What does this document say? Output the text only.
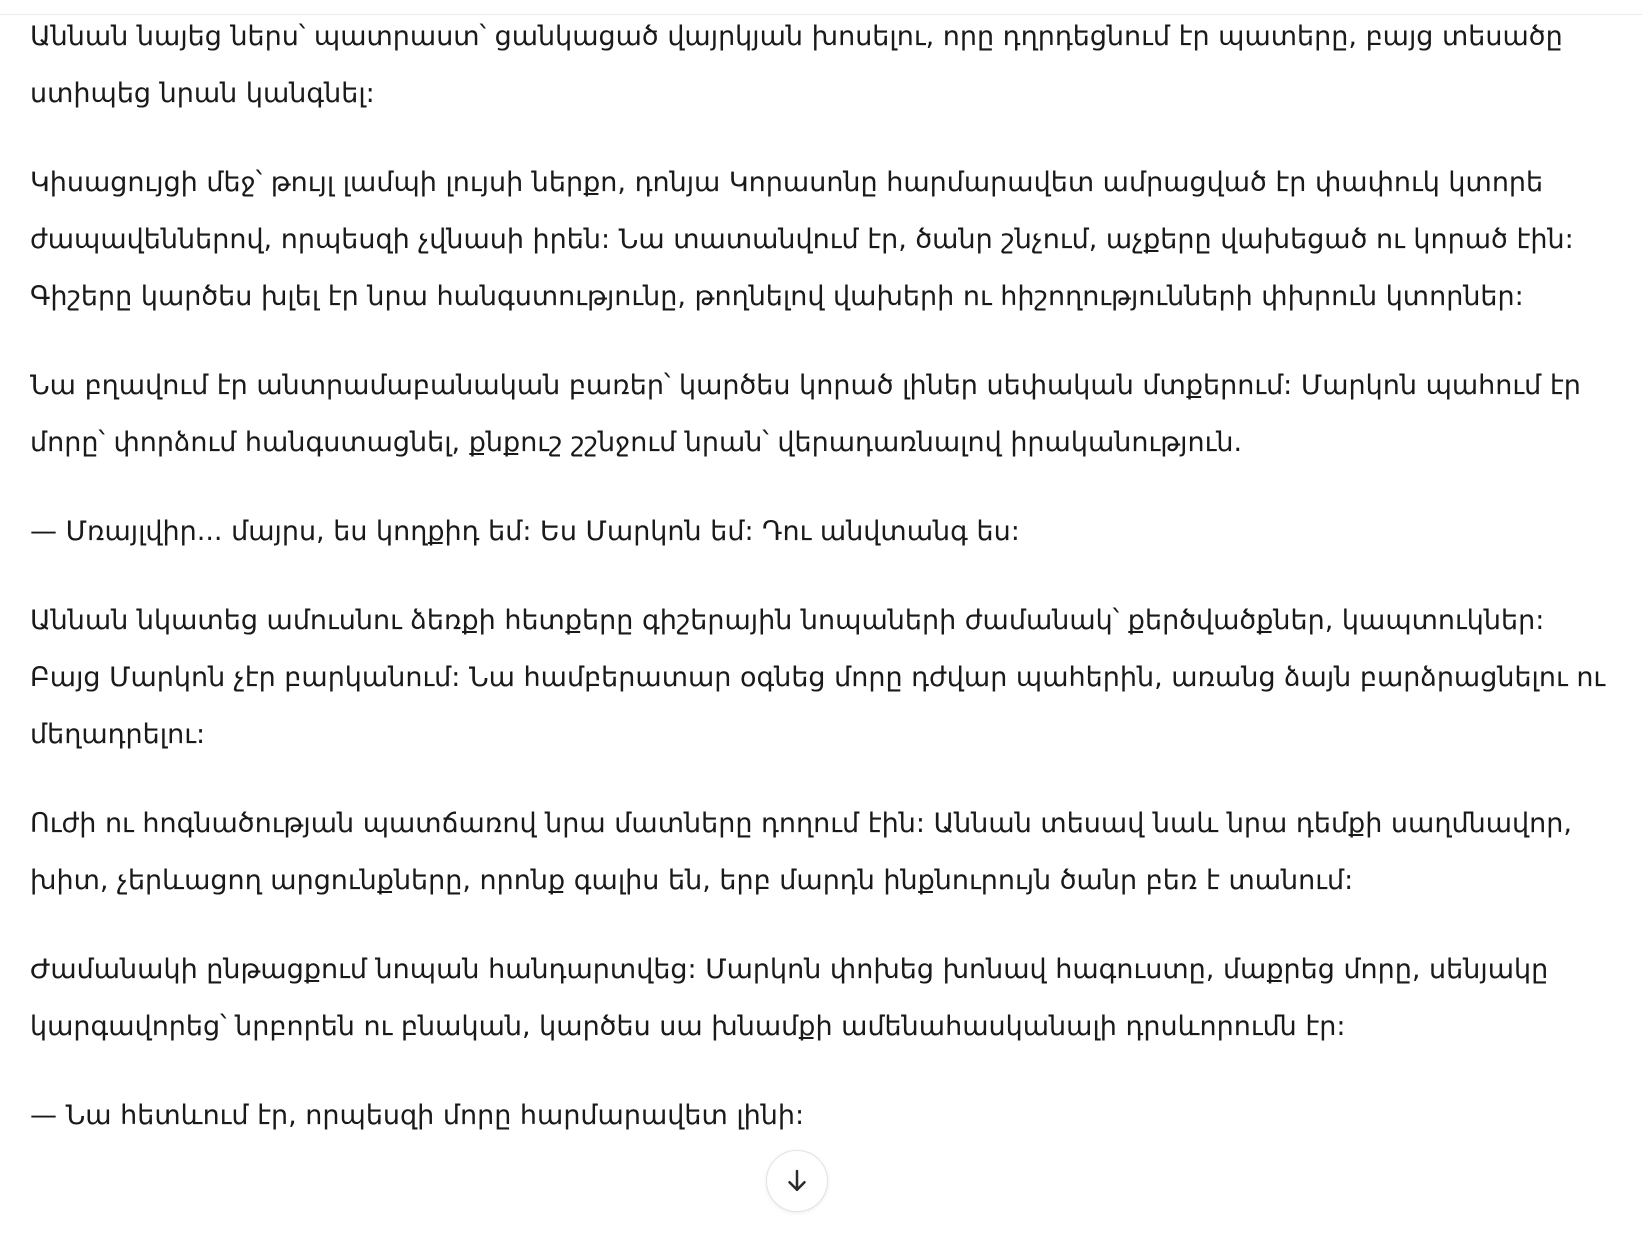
Աննան նայեց ներս՝ պատրաստ՝ ցանկացած վայրկյան խոսելու, որը դղրդեցնում էր պատերը, բայց տեսածը ստիպեց նրան կանգնել:

Կիսացույցի մեջ՝ թույլ լամպի լույսի ներքո, դոնյա Կորասոնը հարմարավետ ամրացված էր փափուկ կտորե ժապավեններով, որպեսզի չվնասի իրեն: Նա տատանվում էր, ծանր շնչում, աչքերը վախեցած ու կորած էին: Գիշերը կարծես խլել էր նրա հանգստությունը, թողնելով վախերի ու հիշողությունների փխրուն կտորներ:

Նա բղավում էր անտրամաբանական բառեր՝ կարծես կորած լիներ սեփական մտքերում: Մարկոն պահում էր մորը՝ փորձում հանգստացնել, քնքուշ շշնջում նրան՝ վերադառնալով իրականություն.

— Մռայլվիր... մայրս, ես կողքիդ եմ: Ես Մարկոն եմ: Դու անվտանգ ես:

Աննան նկատեց ամուսնու ձեռքի հետքերը գիշերային նոպաների ժամանակ՝ քերծվածքներ, կապտուկներ: Բայց Մարկոն չէր բարկանում: Նա համբերատար օգնեց մորը դժվար պահերին, առանց ձայն բարձրացնելու ու մեղադրելու:

Ուժի ու հոգնածության պատճառով նրա մատները դողում էին: Աննան տեսավ նաև նրա դեմքի սաղմնավոր, խիտ, չերևացող արցունքները, որոնք գալիս են, երբ մարդն ինքնուրույն ծանր բեռ է տանում:

Ժամանակի ընթացքում նոպան հանդարտվեց: Մարկոն փոխեց խոնավ հագուստը, մաքրեց մորը, սենյակը կարգավորեց՝ նրբորեն ու բնական, կարծես սա խնամքի ամենահասկանալի դրսևորումն էր:

— Նա հետևում էր, որպեսզի մորը հարմարավետ լինի:
